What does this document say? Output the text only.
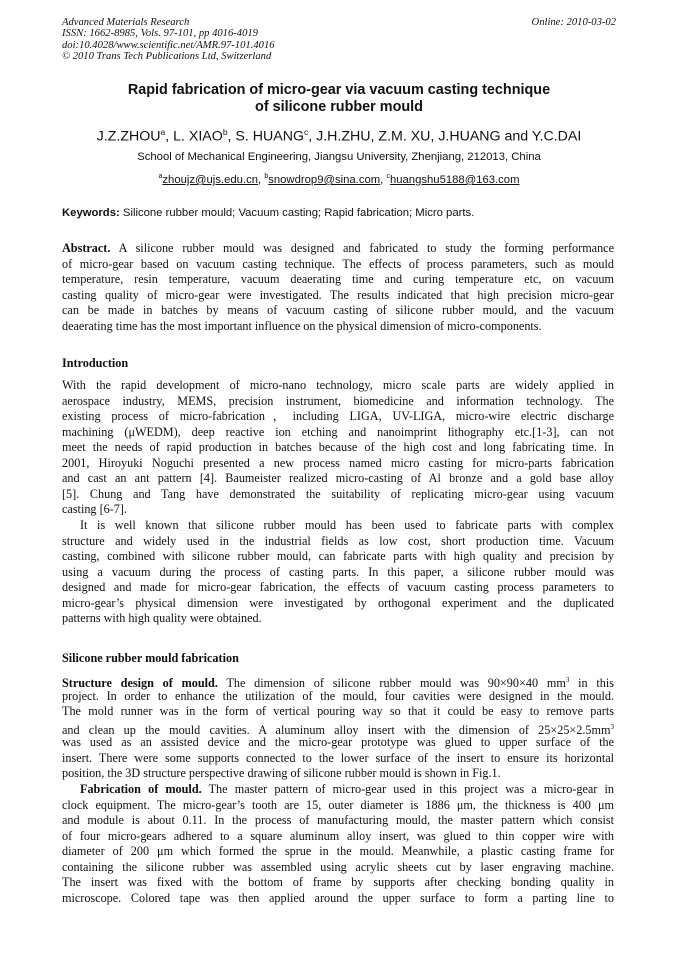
Advanced Materials Research	Online: 2010-03-02
ISSN: 1662-8985, Vols. 97-101, pp 4016-4019
doi:10.4028/www.scientific.net/AMR.97-101.4016
© 2010 Trans Tech Publications Ltd, Switzerland
Rapid fabrication of micro-gear via vacuum casting technique
of silicone rubber mould
J.Z.ZHOU$^a$, L. XIAO$^b$, S. HUANG$^c$, J.H.ZHU, Z.M. XU, J.HUANG and Y.C.DAI
School of Mechanical Engineering, Jiangsu University, Zhenjiang, 212013, China
$^a$zhoujz@ujs.edu.cn, $^b$snowdrop9@sina.com, $^c$huangshu5188@163.com
Keywords: Silicone rubber mould; Vacuum casting; Rapid fabrication; Micro parts.
Abstract. A silicone rubber mould was designed and fabricated to study the forming performance
of micro-gear based on vacuum casting technique. The effects of process parameters, such as mould
temperature, resin temperature, vacuum deaerating time and curing temperature etc, on vacuum
casting quality of micro-gear were investigated. The results indicated that high precision micro-gear
can be made in batches by means of vacuum casting of silicone rubber mould, and the vacuum
deaerating time has the most important influence on the physical dimension of micro-components.
Introduction
With the rapid development of micro-nano technology, micro scale parts are widely applied in
aerospace industry, MEMS, precision instrument, biomedicine and information technology. The
existing process of micro-fabrication，including LIGA, UV-LIGA, micro-wire electric discharge
machining (μWEDM), deep reactive ion etching and nanoimprint lithography etc.[1-3], can not
meet the needs of rapid production in batches because of the high cost and long fabricating time. In
2001, Hiroyuki Noguchi presented a new process named micro casting for micro-parts fabrication
and cast an ant pattern [4]. Baumeister realized micro-casting of Al bronze and a gold base alloy
[5]. Chung and Tang have demonstrated the suitability of replicating micro-gear using vacuum
casting [6-7].
It is well known that silicone rubber mould has been used to fabricate parts with complex
structure and widely used in the industrial fields as low cost, short production time. Vacuum
casting, combined with silicone rubber mould, can fabricate parts with high quality and precision by
using a vacuum during the process of casting parts. In this paper, a silicone rubber mould was
designed and made for micro-gear fabrication, the effects of vacuum casting process parameters to
micro-gear’s physical dimension were investigated by orthogonal experiment and the duplicated
patterns with high quality were obtained.
Silicone rubber mould fabrication
Structure design of mould. The dimension of silicone rubber mould was 90×90×40 $mm^3$ in this
project. In order to enhance the utilization of the mould, four cavities were designed in the mould.
The mold runner was in the form of vertical pouring way so that it could be easy to remove parts
and clean up the mould cavities. A aluminum alloy insert with the dimension of $25\times 25\times 2.5mm^3$
was used as an assisted device and the micro-gear prototype was glued to upper surface of the
insert. There were some supports connected to the lower surface of the insert to ensure its horizontal
position, the 3D structure perspective drawing of silicone rubber mould is shown in Fig.1.
Fabrication of mould. The master pattern of micro-gear used in this project was a micro-gear in
clock equipment. The micro-gear’s tooth are 15, outer diameter is 1886 μm, the thickness is 400 μm
and module is about 0.11. In the process of manufacturing mould, the master pattern which consist
of four micro-gears adhered to a square aluminum alloy insert, was glued to thin copper wire with
diameter of 200 μm which formed the sprue in the mould. Meanwhile, a plastic casting frame for
containing the silicone rubber was assembled using acrylic sheets cut by laser engraving machine.
The insert was fixed with the bottom of frame by supports after checking bonding quality in
microscope. Colored tape was then applied around the upper surface to form a parting line to
